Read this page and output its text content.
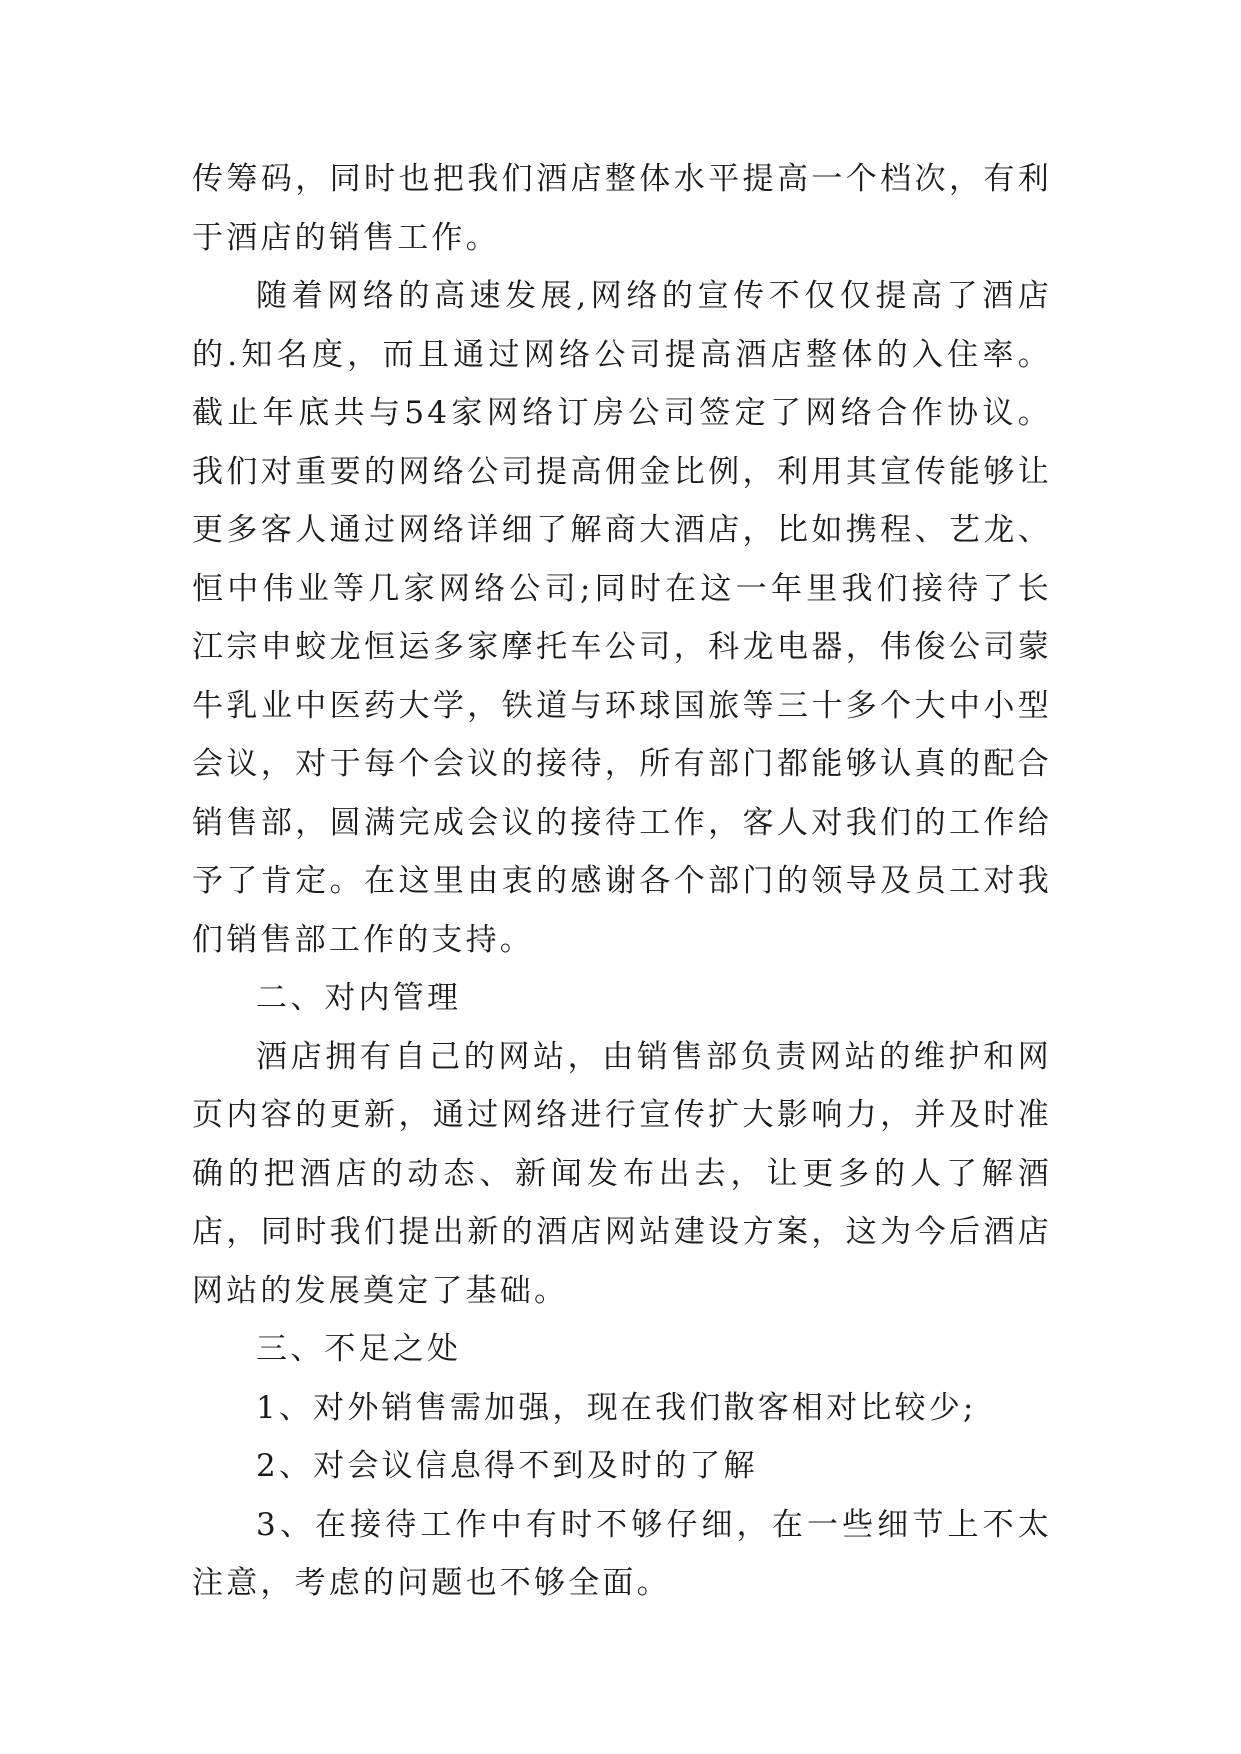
传筹码，同时也把我们酒店整体水平提高一个档次，有利于酒店的销售工作。

随着网络的高速发展,网络的宣传不仅仅提高了酒店的.知名度，而且通过网络公司提高酒店整体的入住率。截止年底共与54家网络订房公司签定了网络合作协议。我们对重要的网络公司提高佣金比例，利用其宣传能够让更多客人通过网络详细了解商大酒店，比如携程、艺龙、恒中伟业等几家网络公司;同时在这一年里我们接待了长江宗申蛟龙恒运多家摩托车公司，科龙电器，伟俊公司蒙牛乳业中医药大学，铁道与环球国旅等三十多个大中小型会议，对于每个会议的接待，所有部门都能够认真的配合销售部，圆满完成会议的接待工作，客人对我们的工作给予了肯定。在这里由衷的感谢各个部门的领导及员工对我们销售部工作的支持。

二、对内管理

酒店拥有自己的网站，由销售部负责网站的维护和网页内容的更新，通过网络进行宣传扩大影响力，并及时准确的把酒店的动态、新闻发布出去，让更多的人了解酒店，同时我们提出新的酒店网站建设方案，这为今后酒店网站的发展奠定了基础。

三、不足之处

1、对外销售需加强，现在我们散客相对比较少;

2、对会议信息得不到及时的了解

3、在接待工作中有时不够仔细，在一些细节上不太注意，考虑的问题也不够全面。
